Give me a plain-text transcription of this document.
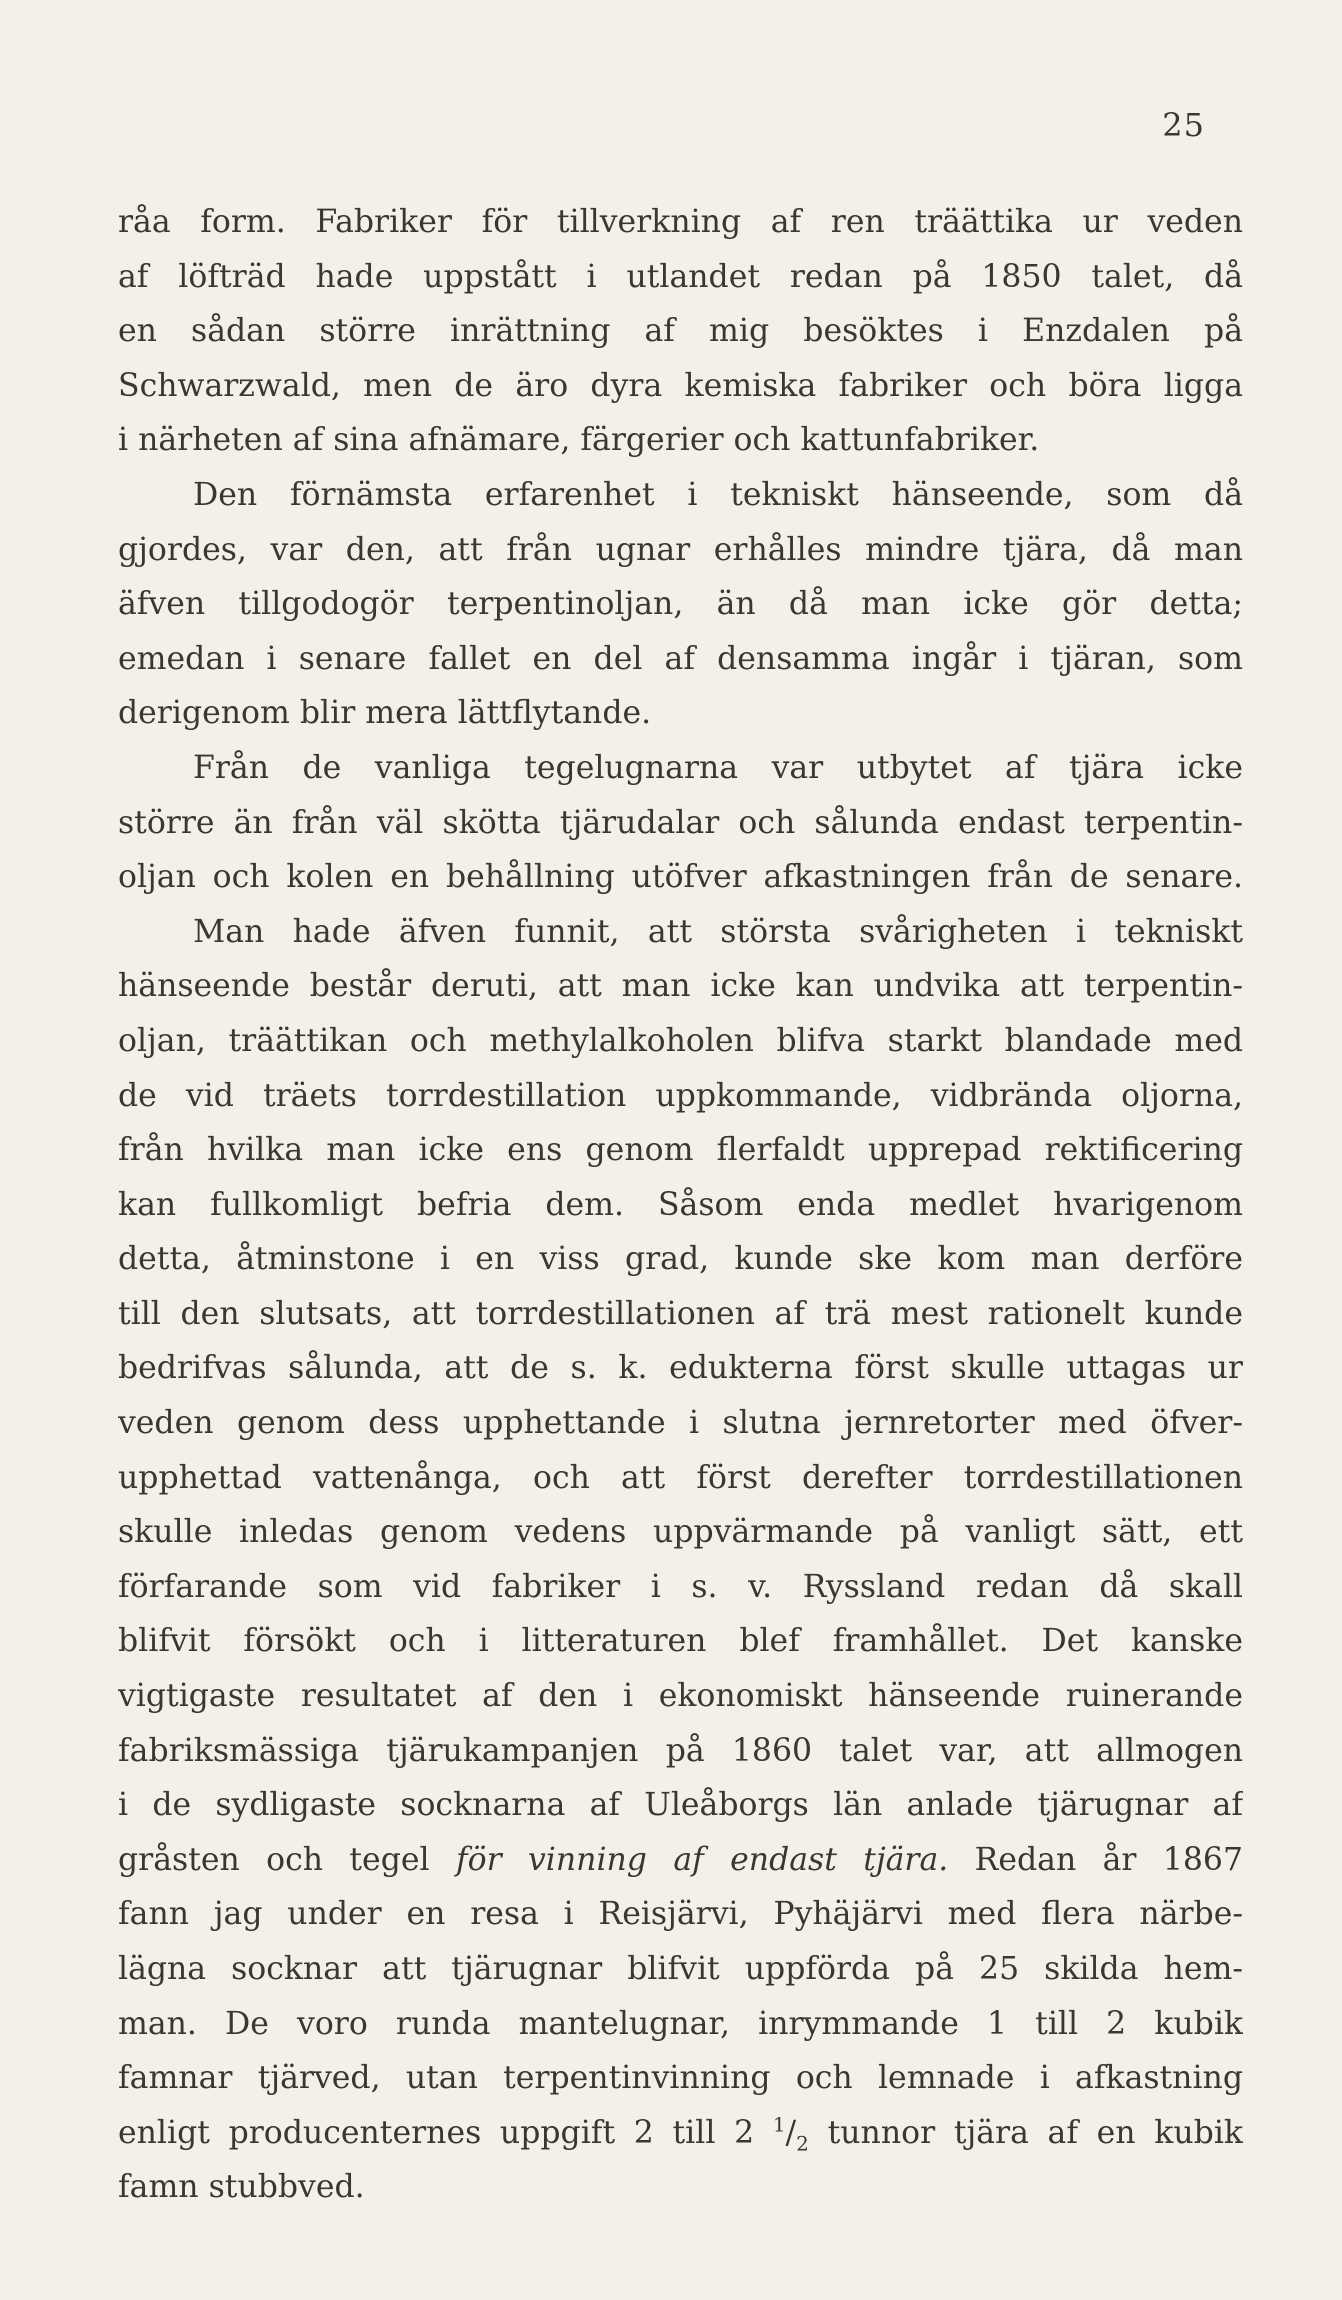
25
råa form. Fabriker för tillverkning af ren träättika ur veden
af löfträd hade uppstått i utlandet redan på 1850 talet, då
en sådan större inrättning af mig besöktes i Enzdalen på
Schwarzwald, men de äro dyra kemiska fabriker och böra ligga
i närheten af sina afnämare, färgerier och kattunfabriker.
Den förnämsta erfarenhet i tekniskt hänseende, som då
gjordes, var den, att från ugnar erhålles mindre tjära, då man
äfven tillgodogör terpentinoljan, än då man icke gör detta;
emedan i senare fallet en del af densamma ingår i tjäran, som
derigenom blir mera lättflytande.
Från de vanliga tegelugnarna var utbytet af tjära icke
större än från väl skötta tjärudalar och sålunda endast terpentin-
oljan och kolen en behållning utöfver afkastningen från de senare.
Man hade äfven funnit, att största svårigheten i tekniskt
hänseende består deruti, att man icke kan undvika att terpentin-
oljan, träättikan och methylalkoholen blifva starkt blandade med
de vid träets torrdestillation uppkommande, vidbrända oljorna,
från hvilka man icke ens genom flerfaldt upprepad rektificering
kan fullkomligt befria dem. Såsom enda medlet hvarigenom
detta, åtminstone i en viss grad, kunde ske kom man derföre
till den slutsats, att torrdestillationen af trä mest rationelt kunde
bedrifvas sålunda, att de s. k. edukterna först skulle uttagas ur
veden genom dess upphettande i slutna jernretorter med öfver-
upphettad vattenånga, och att först derefter torrdestillationen
skulle inledas genom vedens uppvärmande på vanligt sätt, ett
förfarande som vid fabriker i s. v. Ryssland redan då skall
blifvit försökt och i litteraturen blef framhållet. Det kanske
vigtigaste resultatet af den i ekonomiskt hänseende ruinerande
fabriksmässiga tjärukampanjen på 1860 talet var, att allmogen
i de sydligaste socknarna af Uleåborgs län anlade tjärugnar af
gråsten och tegel för vinning af endast tjära. Redan år 1867
fann jag under en resa i Reisjärvi, Pyhäjärvi med flera närbe-
lägna socknar att tjärugnar blifvit uppförda på 25 skilda hem-
man. De voro runda mantelugnar, inrymmande 1 till 2 kubik
famnar tjärved, utan terpentinvinning och lemnade i afkastning
enligt producenternes uppgift 2 till 2 $^1/_2$ tunnor tjära af en kubik
famn stubbved.
